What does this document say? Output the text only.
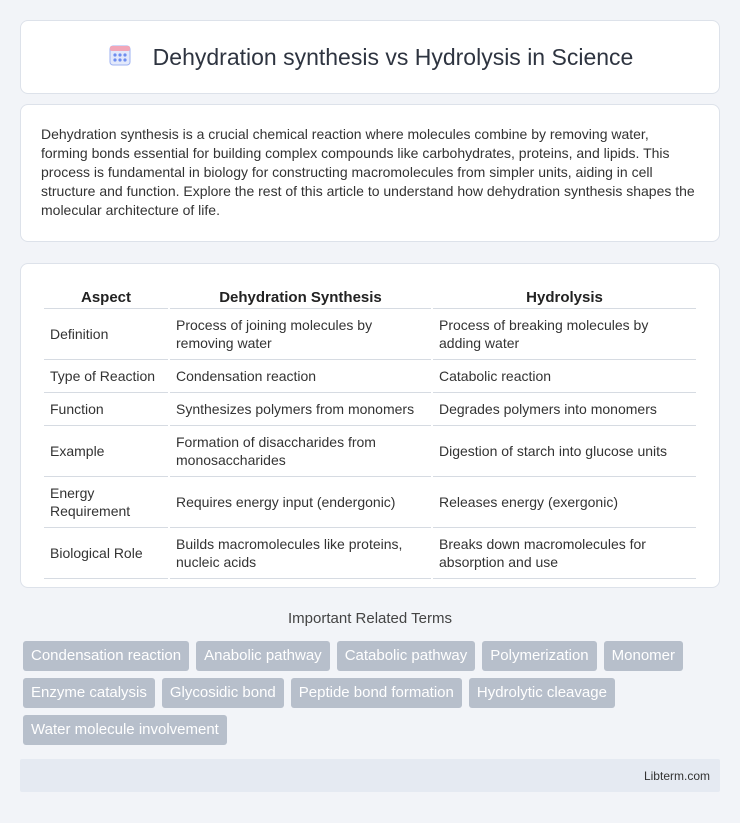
Dehydration synthesis vs Hydrolysis in Science

Dehydration synthesis is a crucial chemical reaction where molecules combine by removing water, forming bonds essential for building complex compounds like carbohydrates, proteins, and lipids. This process is fundamental in biology for constructing macromolecules from simpler units, aiding in cell structure and function. Explore the rest of this article to understand how dehydration synthesis shapes the molecular architecture of life.

Aspect	Dehydration Synthesis	Hydrolysis
Definition	Process of joining molecules by removing water	Process of breaking molecules by adding water
Type of Reaction	Condensation reaction	Catabolic reaction
Function	Synthesizes polymers from monomers	Degrades polymers into monomers
Example	Formation of disaccharides from monosaccharides	Digestion of starch into glucose units
Energy Requirement	Requires energy input (endergonic)	Releases energy (exergonic)
Biological Role	Builds macromolecules like proteins, nucleic acids	Breaks down macromolecules for absorption and use
Important Related Terms
Condensation reaction	Anabolic pathway	Catabolic pathway	Polymerization	Monomer
Enzyme catalysis	Glycosidic bond	Peptide bond formation	Hydrolytic cleavage
Water molecule involvement
Libterm.com
